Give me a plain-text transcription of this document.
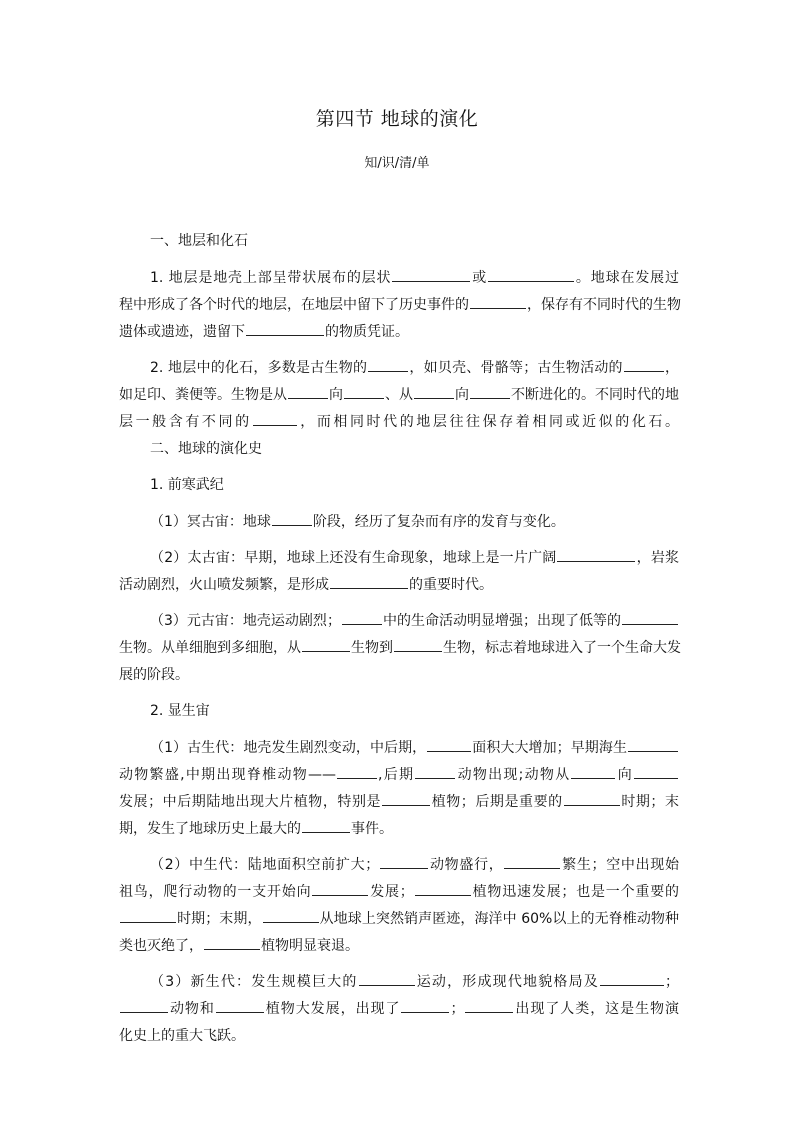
第四节 地球的演化
知/识/清/单
一、地层和化石
1. 地层是地壳上部呈带状展布的层状	或	。地球在发展过
程中形成了各个时代的地层，在地层中留下了历史事件的	，保存有不同时代的生物
遗体或遗迹，遗留下	的物质凭证。
2. 地层中的化石，多数是古生物的	，如贝壳、骨骼等；古生物活动的	，
如足印、粪便等。生物是从	向	、从	向	不断进化的。不同时代的地
层一般含有不同的	，而相同时代的地层往往保存着相同或近似的化石。
二、地球的演化史
1. 前寒武纪
（1）冥古宙：地球	阶段，经历了复杂而有序的发育与变化。
（2）太古宙：早期，地球上还没有生命现象，地球上是一片广阔	，岩浆
活动剧烈，火山喷发频繁，是形成	的重要时代。
（3）元古宙：地壳运动剧烈；	中的生命活动明显增强；出现了低等的
生物。从单细胞到多细胞，从	生物到	生物，标志着地球进入了一个生命大发
展的阶段。
2. 显生宙
（1）古生代：地壳发生剧烈变动，中后期，	面积大大增加；早期海生
动物繁盛,中期出现脊椎动物——	,后期	动物出现;动物从	向
发展；中后期陆地出现大片植物，特别是	植物；后期是重要的	时期；末
期，发生了地球历史上最大的	事件。
（2）中生代：陆地面积空前扩大；	动物盛行，	繁生；空中出现始
祖鸟，爬行动物的一支开始向	发展；	植物迅速发展；也是一个重要的
时期；末期，	从地球上突然销声匿迹，海洋中 60%以上的无脊椎动物种
类也灭绝了，	植物明显衰退。
（3）新生代：发生规模巨大的	运动，形成现代地貌格局及	；
动物和	植物大发展，出现了	；	出现了人类，这是生物演
化史上的重大飞跃。
